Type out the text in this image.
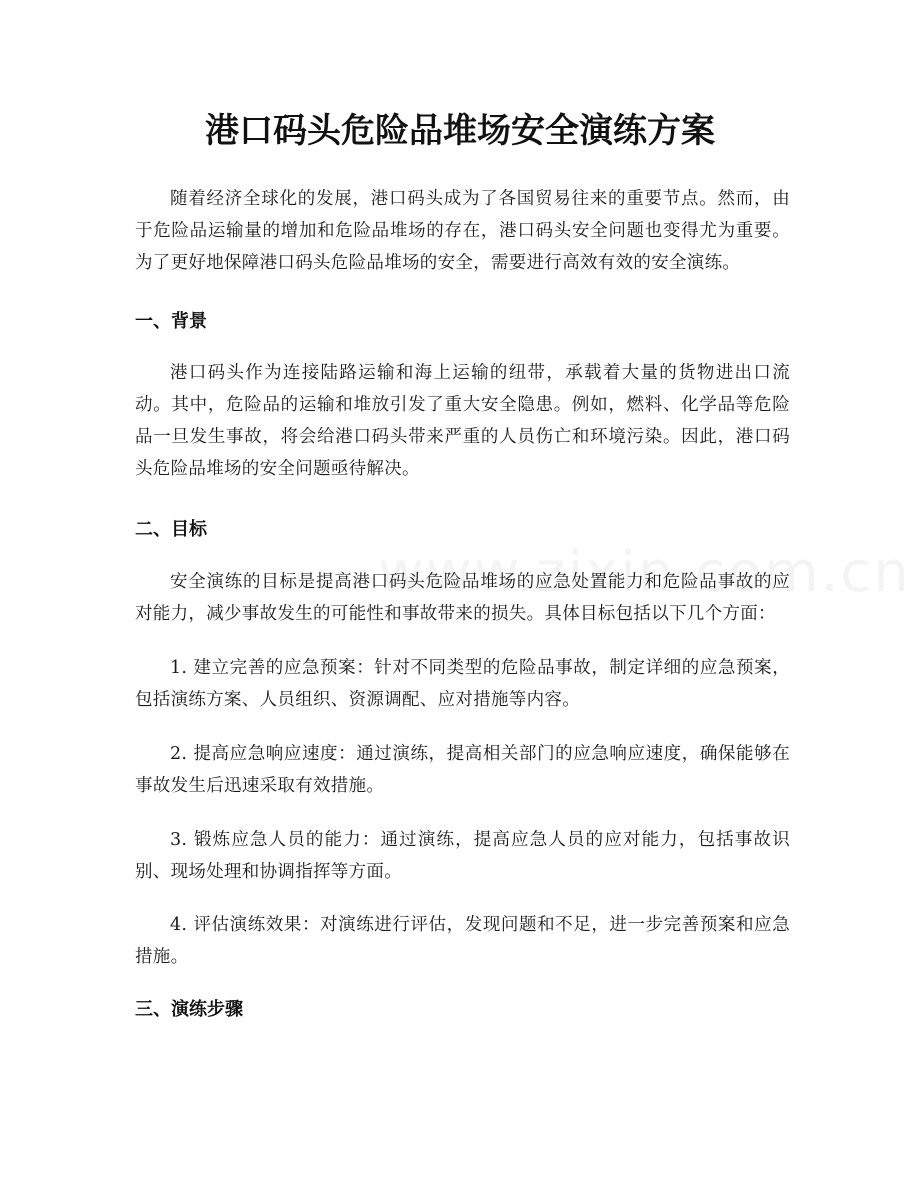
港口码头危险品堆场安全演练方案

随着经济全球化的发展，港口码头成为了各国贸易往来的重要节点。然而，由于危险品运输量的增加和危险品堆场的存在，港口码头安全问题也变得尤为重要。为了更好地保障港口码头危险品堆场的安全，需要进行高效有效的安全演练。

一、背景

港口码头作为连接陆路运输和海上运输的纽带，承载着大量的货物进出口流动。其中，危险品的运输和堆放引发了重大安全隐患。例如，燃料、化学品等危险品一旦发生事故，将会给港口码头带来严重的人员伤亡和环境污染。因此，港口码头危险品堆场的安全问题亟待解决。

二、目标

安全演练的目标是提高港口码头危险品堆场的应急处置能力和危险品事故的应对能力，减少事故发生的可能性和事故带来的损失。具体目标包括以下几个方面：

1. 建立完善的应急预案：针对不同类型的危险品事故，制定详细的应急预案，包括演练方案、人员组织、资源调配、应对措施等内容。

2. 提高应急响应速度：通过演练，提高相关部门的应急响应速度，确保能够在事故发生后迅速采取有效措施。

3. 锻炼应急人员的能力：通过演练，提高应急人员的应对能力，包括事故识别、现场处理和协调指挥等方面。

4. 评估演练效果：对演练进行评估，发现问题和不足，进一步完善预案和应急措施。

三、演练步骤
